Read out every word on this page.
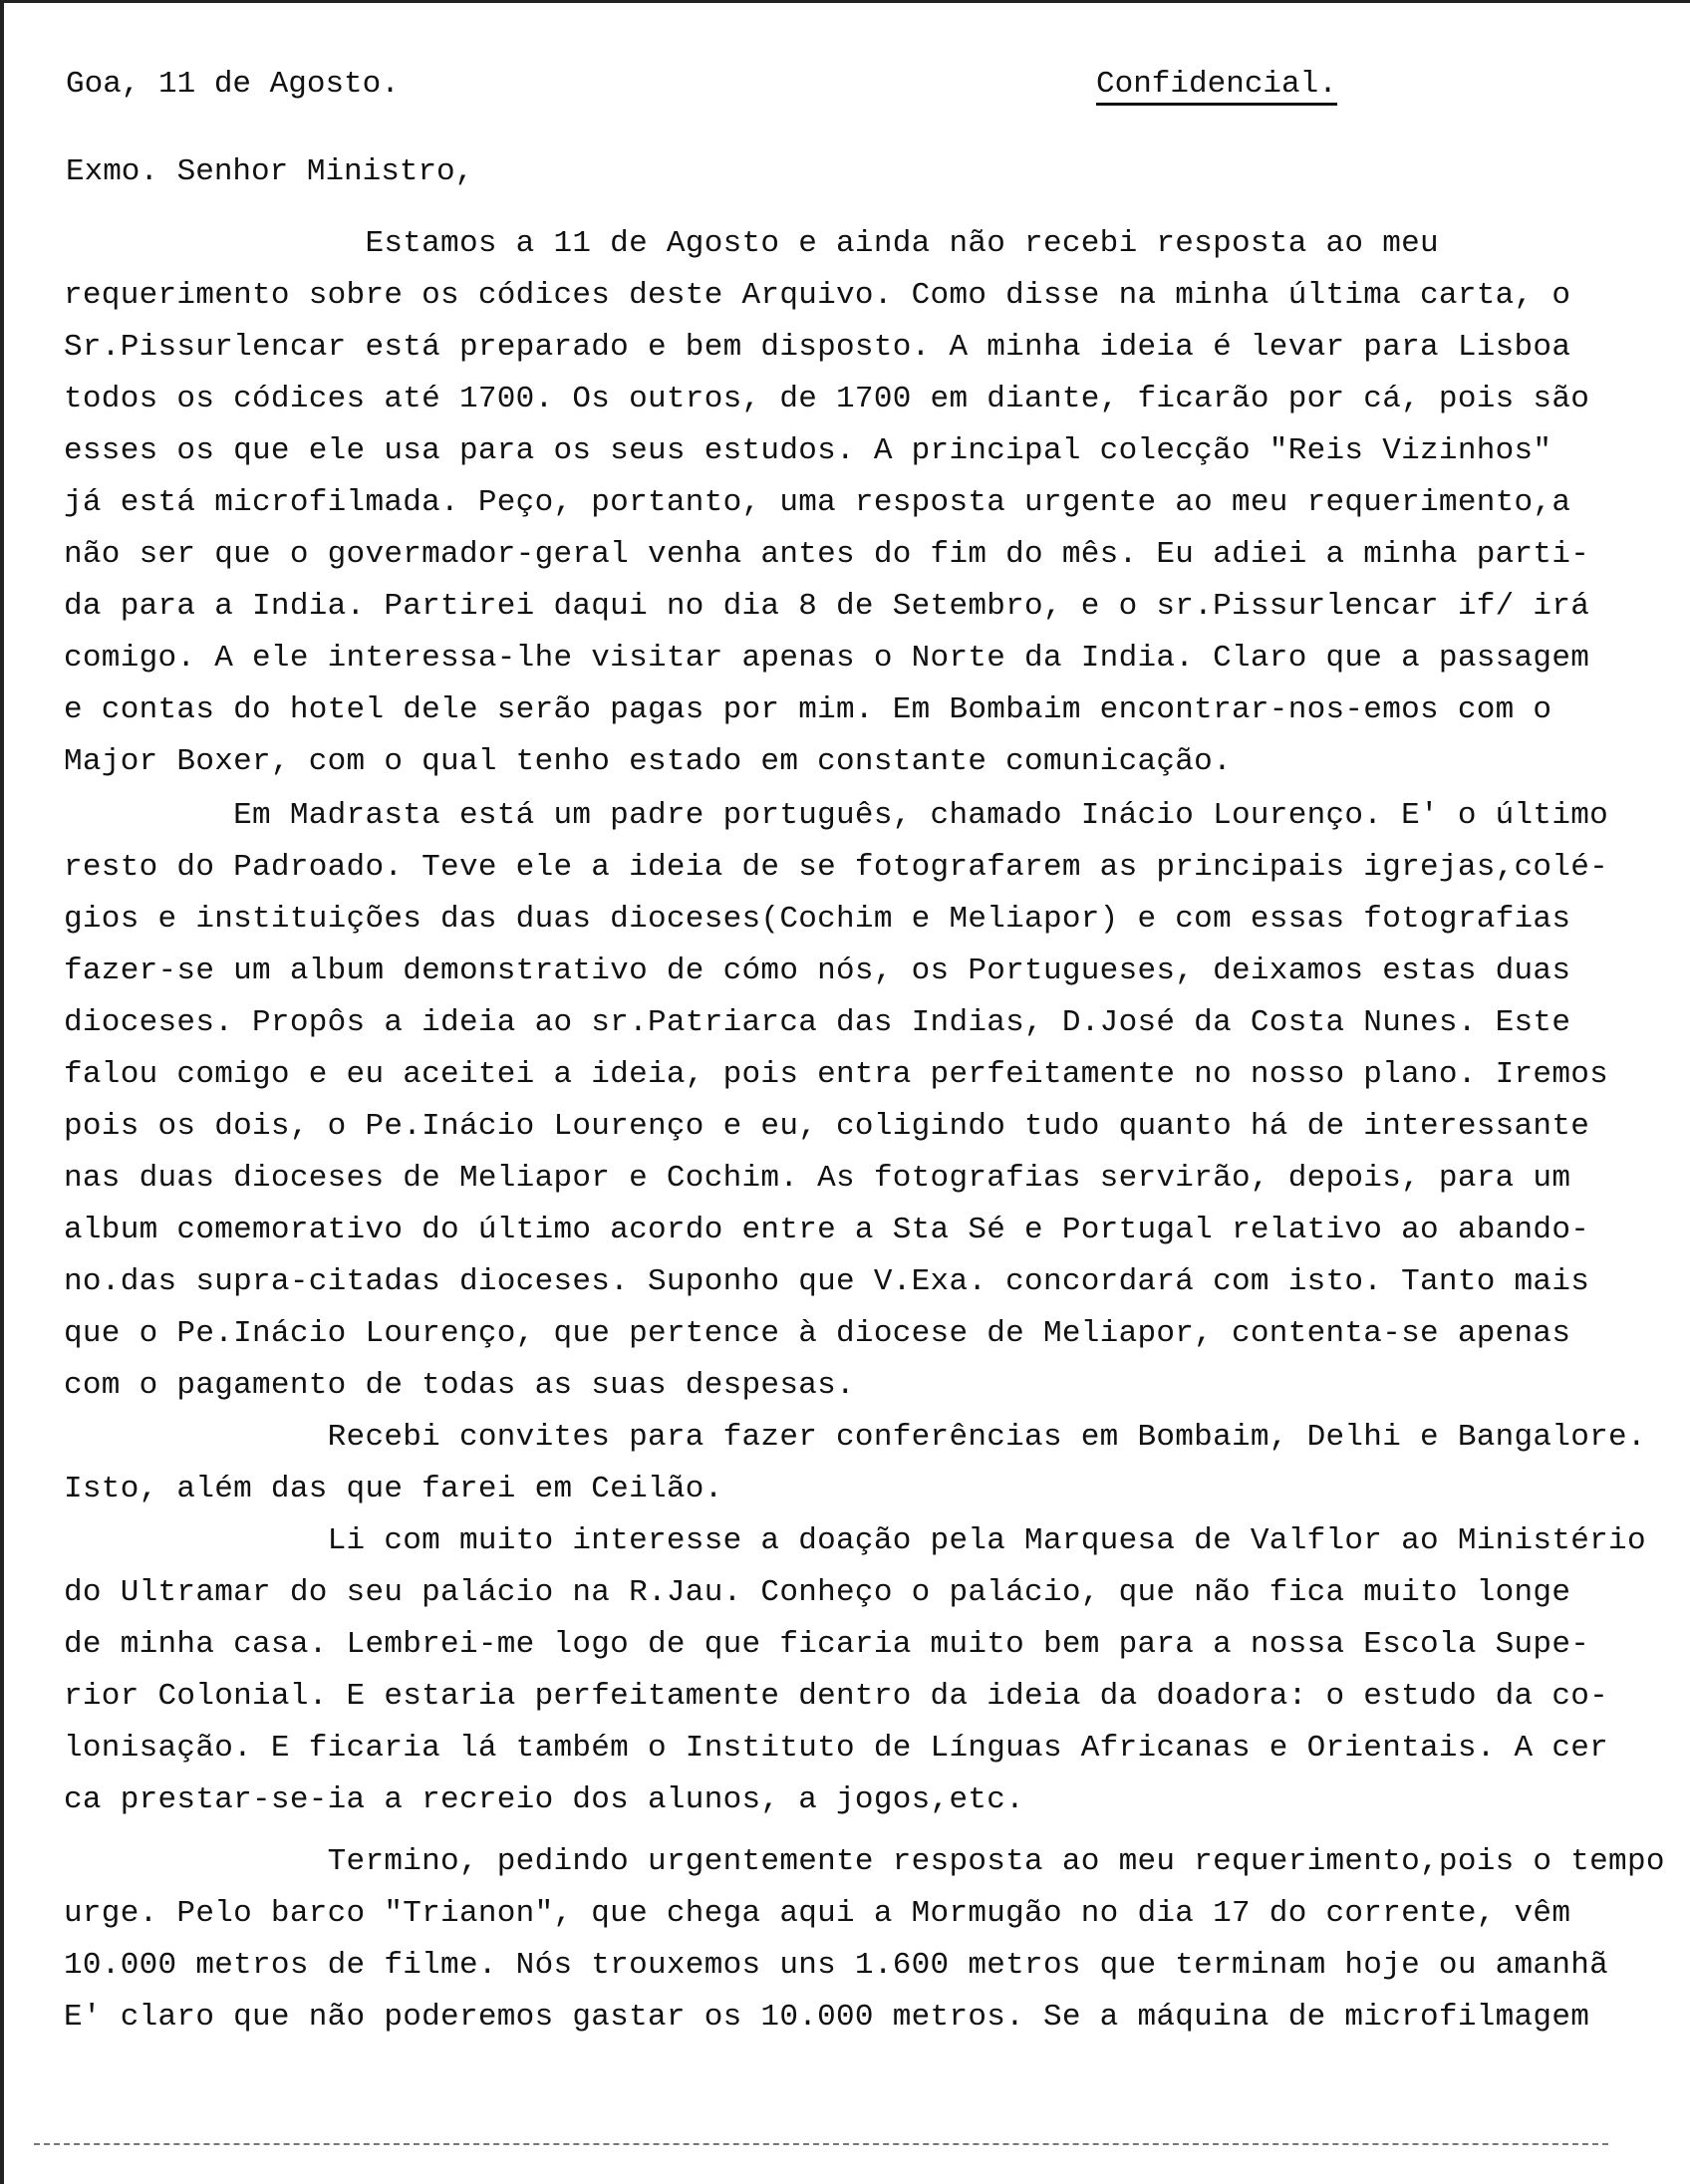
Goa, 11 de Agosto.	Confidencial.
Exmo. Senhor Ministro,
Estamos a 11 de Agosto e ainda não recebi resposta ao meu
requerimento sobre os códices deste Arquivo. Como disse na minha última carta, o
Sr.Pissurlencar está preparado e bem disposto. A minha ideia é levar para Lisboa
todos os códices até 1700. Os outros, de 1700 em diante, ficarão por cá, pois são
esses os que ele usa para os seus estudos. A principal colecção "Reis Vizinhos"
já está microfilmada. Peço, portanto, uma resposta urgente ao meu requerimento,a
não ser que o govermador-geral venha antes do fim do mês. Eu adiei a minha parti-
da para a India. Partirei daqui no dia 8 de Setembro, e o sr.Pissurlencar if/ irá
comigo. A ele interessa-lhe visitar apenas o Norte da India. Claro que a passagem
e contas do hotel dele serão pagas por mim. Em Bombaim encontrar-nos-emos com o
Major Boxer, com o qual tenho estado em constante comunicação.
Em Madrasta está um padre português, chamado Inácio Lourenço. E' o último
resto do Padroado. Teve ele a ideia de se fotografarem as principais igrejas,colé-
gios e instituições das duas dioceses(Cochim e Meliapor) e com essas fotografias
fazer-se um album demonstrativo de cómo nós, os Portugueses, deixamos estas duas
dioceses. Propôs a ideia ao sr.Patriarca das Indias, D.José da Costa Nunes. Este
falou comigo e eu aceitei a ideia, pois entra perfeitamente no nosso plano. Iremos
pois os dois, o Pe.Inácio Lourenço e eu, coligindo tudo quanto há de interessante
nas duas dioceses de Meliapor e Cochim. As fotografias servirão, depois, para um
album comemorativo do último acordo entre a Sta Sé e Portugal relativo ao abando-
no.das supra-citadas dioceses. Suponho que V.Exa. concordará com isto. Tanto mais
que o Pe.Inácio Lourenço, que pertence à diocese de Meliapor, contenta-se apenas
com o pagamento de todas as suas despesas.
Recebi convites para fazer conferências em Bombaim, Delhi e Bangalore.
Isto, além das que farei em Ceilão.
Li com muito interesse a doação pela Marquesa de Valflor ao Ministério
do Ultramar do seu palácio na R.Jau. Conheço o palácio, que não fica muito longe
de minha casa. Lembrei-me logo de que ficaria muito bem para a nossa Escola Supe-
rior Colonial. E estaria perfeitamente dentro da ideia da doadora: o estudo da co-
lonisação. E ficaria lá também o Instituto de Línguas Africanas e Orientais. A cer
ca prestar-se-ia a recreio dos alunos, a jogos,etc.
Termino, pedindo urgentemente resposta ao meu requerimento,pois o tempo
urge. Pelo barco "Trianon", que chega aqui a Mormugão no dia 17 do corrente, vêm
10.000 metros de filme. Nós trouxemos uns 1.600 metros que terminam hoje ou amanhã
E' claro que não poderemos gastar os 10.000 metros. Se a máquina de microfilmagem
